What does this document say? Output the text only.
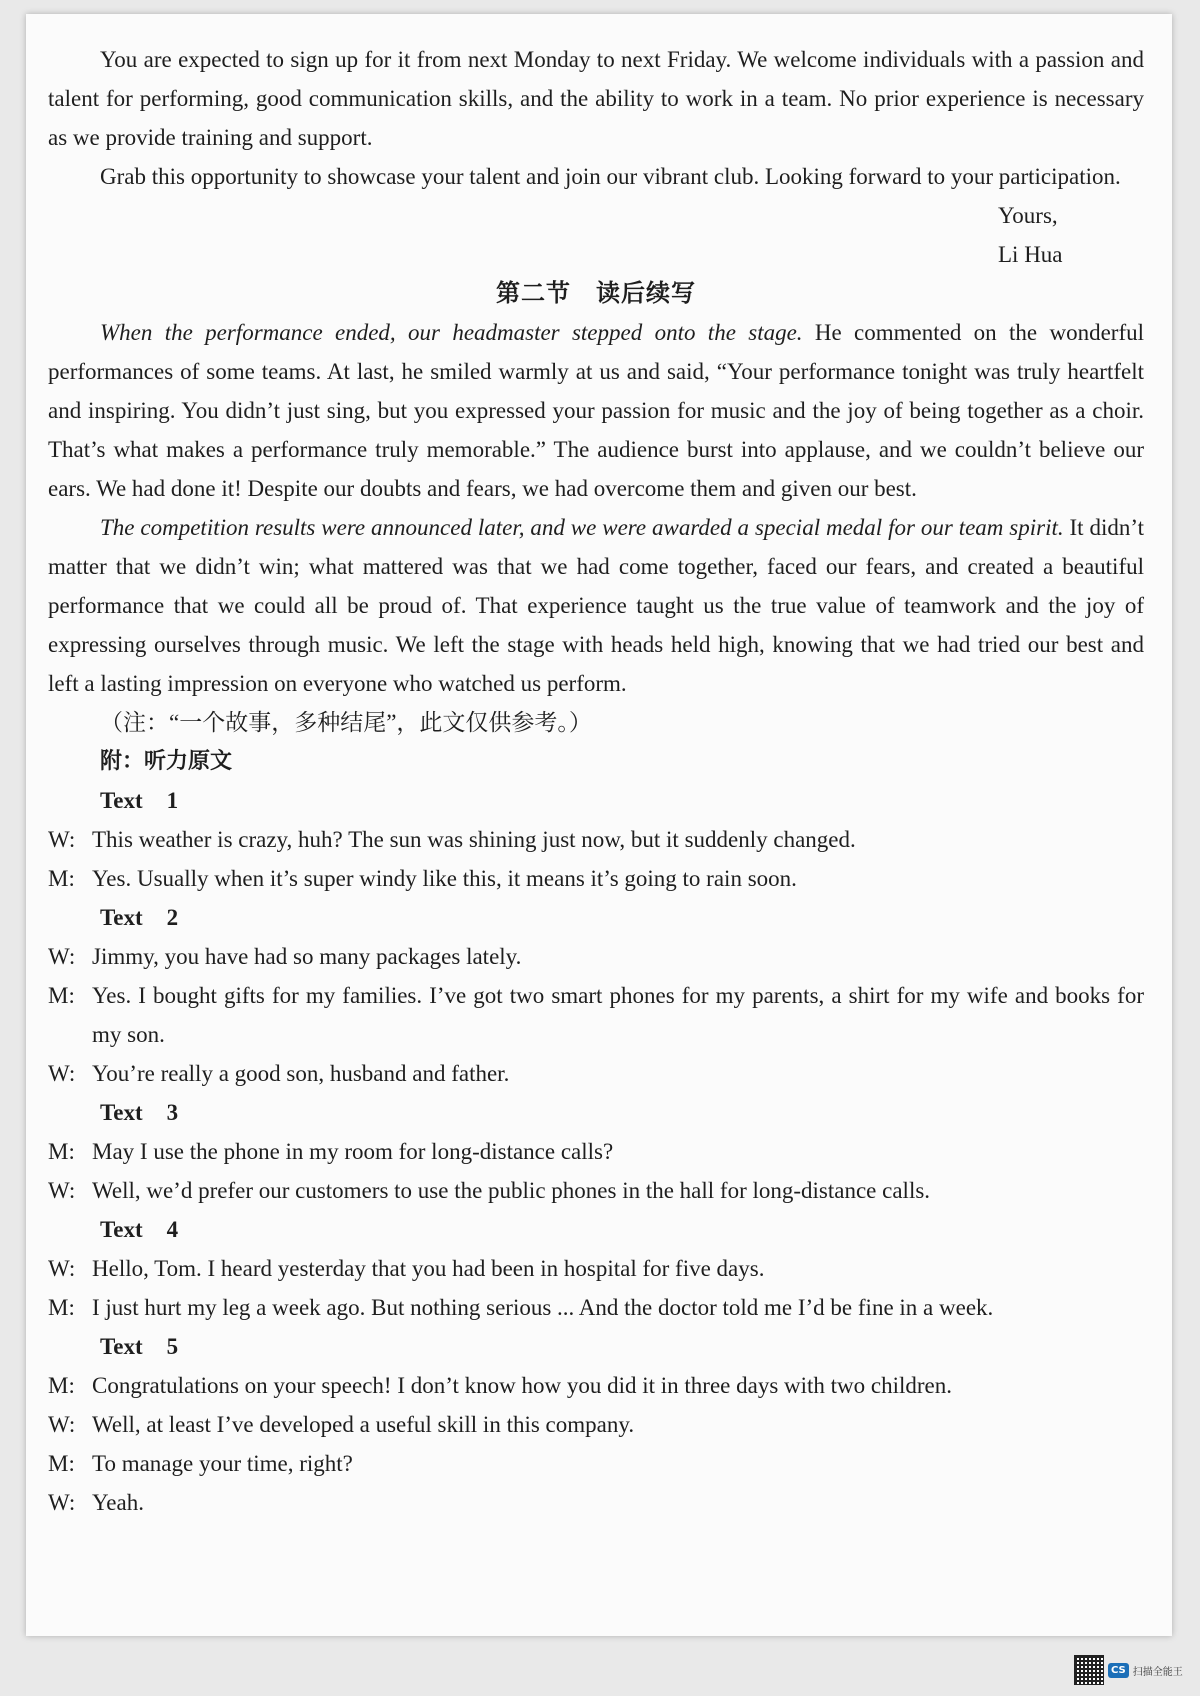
You are expected to sign up for it from next Monday to next Friday. We welcome individuals with a passion and talent for performing, good communication skills, and the ability to work in a team. No prior experience is necessary as we provide training and support.

Grab this opportunity to showcase your talent and join our vibrant club. Looking forward to your participation.

Yours,

Li Hua

第二节　读后续写

When the performance ended, our headmaster stepped onto the stage. He commented on the wonderful performances of some teams. At last, he smiled warmly at us and said, “Your performance tonight was truly heartfelt and inspiring. You didn’t just sing, but you expressed your passion for music and the joy of being together as a choir. That’s what makes a performance truly memorable.” The audience burst into applause, and we couldn’t believe our ears. We had done it! Despite our doubts and fears, we had overcome them and given our best.

The competition results were announced later, and we were awarded a special medal for our team spirit. It didn’t matter that we didn’t win; what mattered was that we had come together, faced our fears, and created a beautiful performance that we could all be proud of. That experience taught us the true value of teamwork and the joy of expressing ourselves through music. We left the stage with heads held high, knowing that we had tried our best and left a lasting impression on everyone who watched us perform.

（注：“一个故事，多种结尾”，此文仅供参考。）

附：听力原文

Text 1

W: This weather is crazy, huh? The sun was shining just now, but it suddenly changed.

M: Yes. Usually when it’s super windy like this, it means it’s going to rain soon.

Text 2

W: Jimmy, you have had so many packages lately.

M: Yes. I bought gifts for my families. I’ve got two smart phones for my parents, a shirt for my wife and books for my son.

W: You’re really a good son, husband and father.

Text 3

M: May I use the phone in my room for long-distance calls?

W: Well, we’d prefer our customers to use the public phones in the hall for long-distance calls.

Text 4

W: Hello, Tom. I heard yesterday that you had been in hospital for five days.

M: I just hurt my leg a week ago. But nothing serious ... And the doctor told me I’d be fine in a week.

Text 5

M: Congratulations on your speech! I don’t know how you did it in three days with two children.

W: Well, at least I’ve developed a useful skill in this company.

M: To manage your time, right?

W: Yeah.

CS 扫描全能王
